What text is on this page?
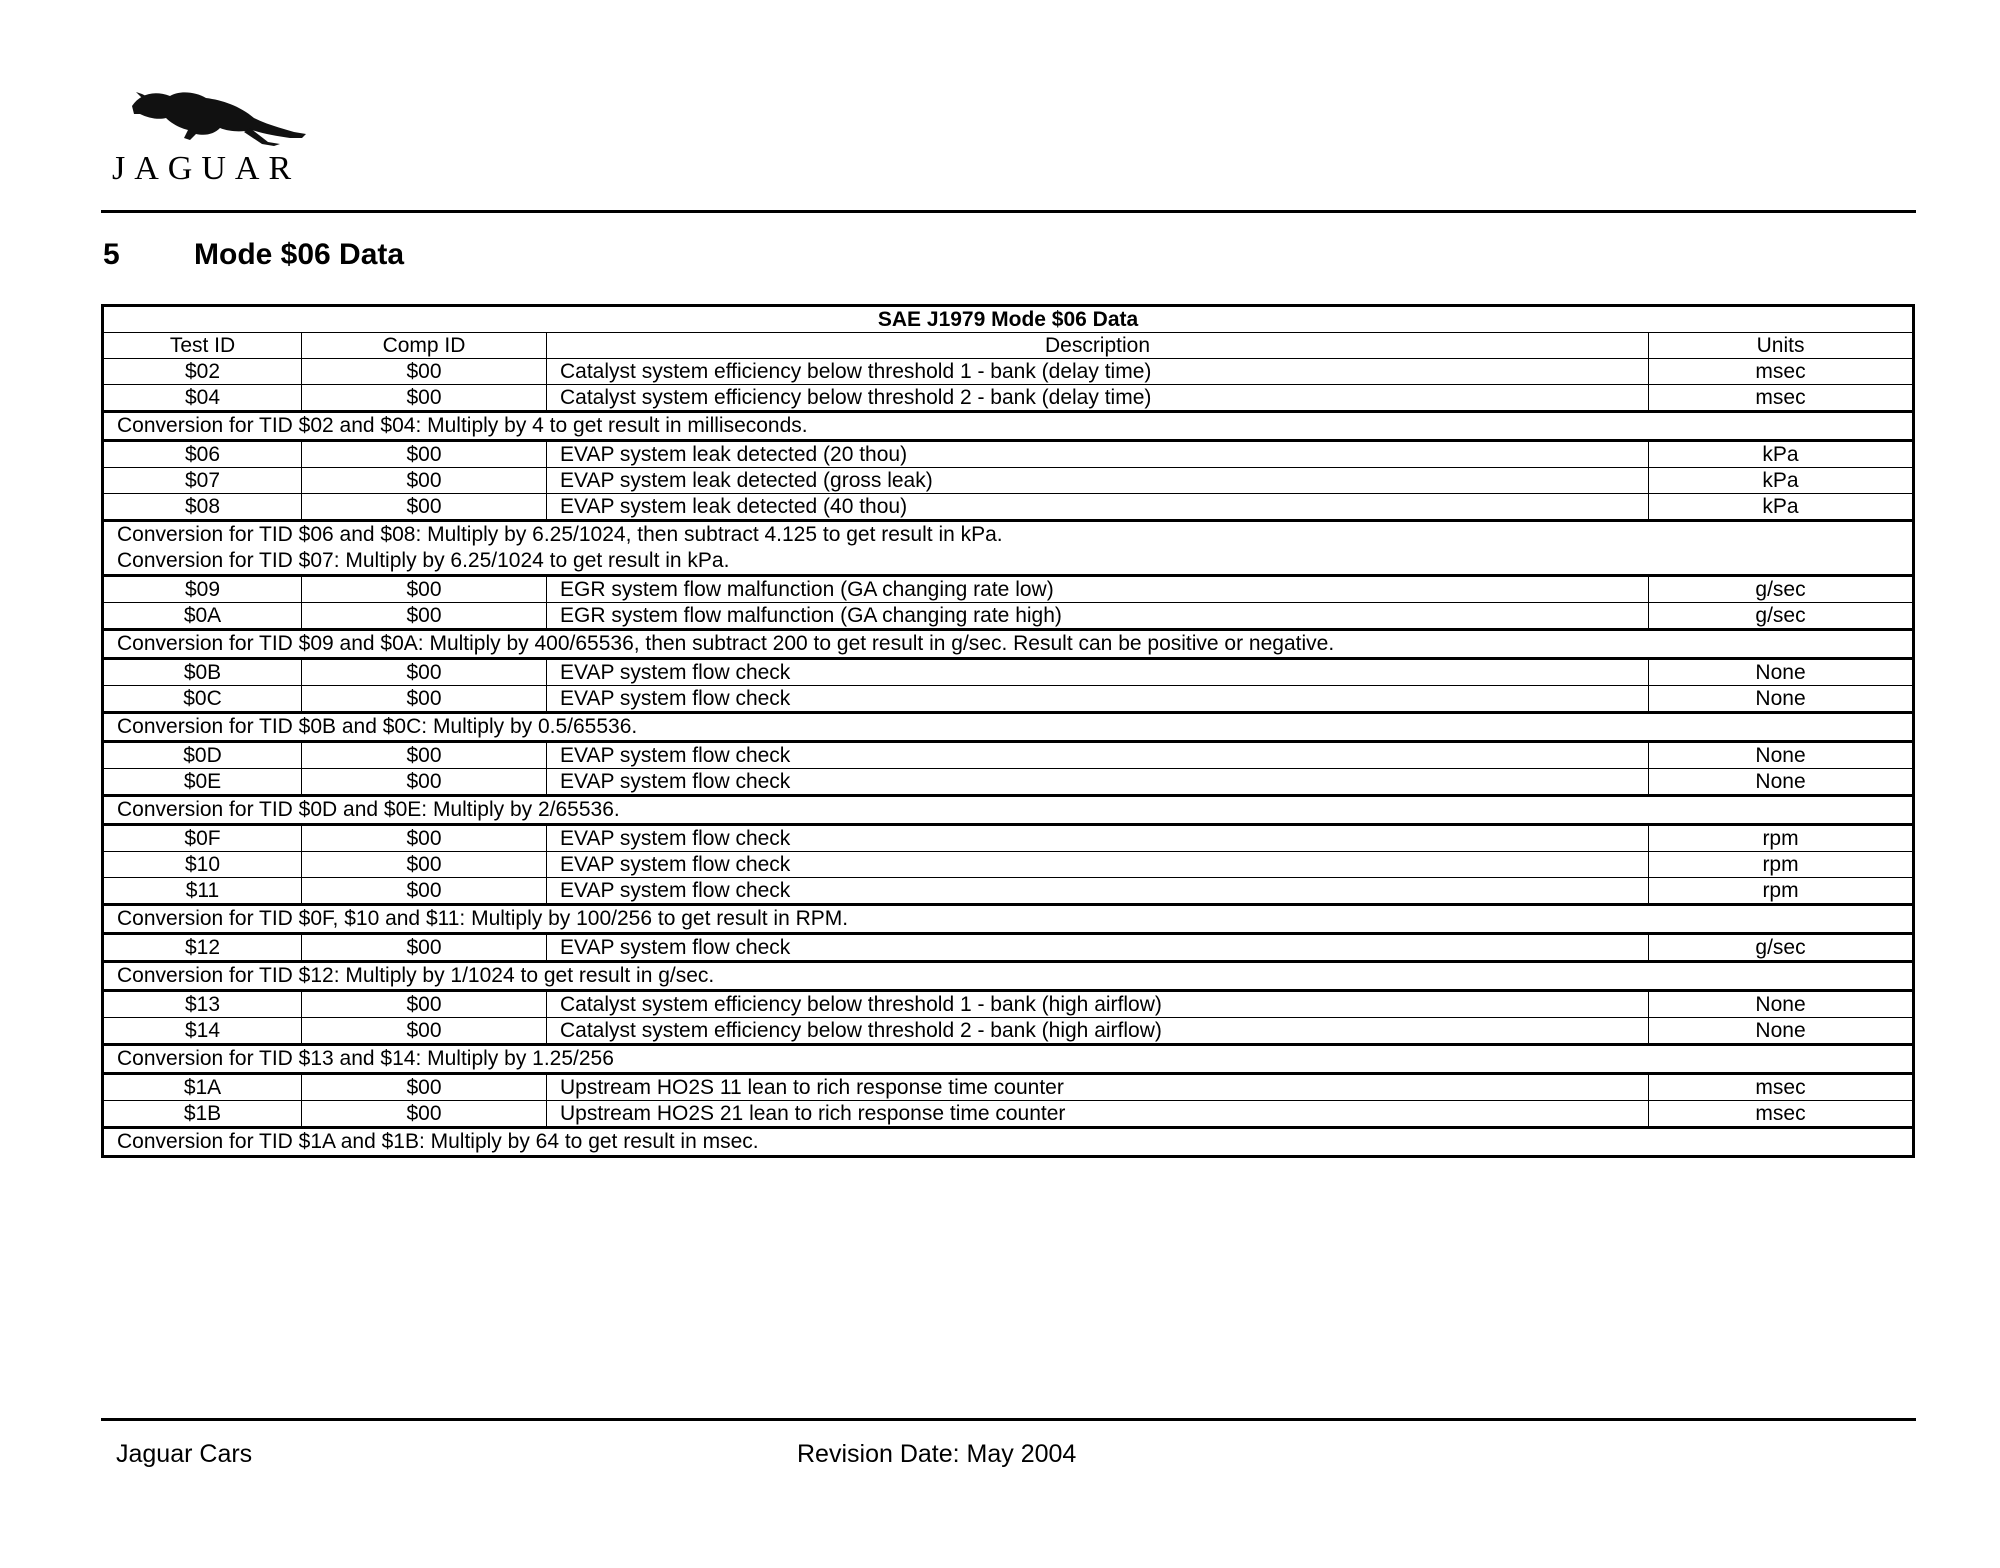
JAGUAR
5 Mode $06 Data
SAE J1979 Mode $06 Data			
Test ID	Comp ID	Description	Units
$02	$00	Catalyst system efficiency below threshold 1 - bank (delay time)	msec
$04	$00	Catalyst system efficiency below threshold 2 - bank (delay time)	msec

Conversion for TID $02 and $04: Multiply by 4 to get result in milliseconds.			

$06	$00	EVAP system leak detected (20 thou)	kPa
$07	$00	EVAP system leak detected (gross leak)	kPa
$08	$00	EVAP system leak detected (40 thou)	kPa

Conversion for TID $06 and $08: Multiply by 6.25/1024, then subtract 4.125 to get result in kPa.
Conversion for TID $07: Multiply by 6.25/1024 to get result in kPa.			

$09	$00	EGR system flow malfunction (GA changing rate low)	g/sec
$0A	$00	EGR system flow malfunction (GA changing rate high)	g/sec

Conversion for TID $09 and $0A: Multiply by 400/65536, then subtract 200 to get result in g/sec. Result can be positive or negative.			

$0B	$00	EVAP system flow check	None
$0C	$00	EVAP system flow check	None

Conversion for TID $0B and $0C: Multiply by 0.5/65536.			

$0D	$00	EVAP system flow check	None
$0E	$00	EVAP system flow check	None

Conversion for TID $0D and $0E: Multiply by 2/65536.			

$0F	$00	EVAP system flow check	rpm
$10	$00	EVAP system flow check	rpm
$11	$00	EVAP system flow check	rpm

Conversion for TID $0F, $10 and $11: Multiply by 100/256 to get result in RPM.			

$12	$00	EVAP system flow check	g/sec

Conversion for TID $12: Multiply by 1/1024 to get result in g/sec.			

$13	$00	Catalyst system efficiency below threshold 1 - bank (high airflow)	None
$14	$00	Catalyst system efficiency below threshold 2 - bank (high airflow)	None

Conversion for TID $13 and $14: Multiply by 1.25/256			

$1A	$00	Upstream HO2S 11 lean to rich response time counter	msec
$1B	$00	Upstream HO2S 21 lean to rich response time counter	msec

Conversion for TID $1A and $1B: Multiply by 64 to get result in msec.			
Jaguar Cars	Revision Date: May 2004
